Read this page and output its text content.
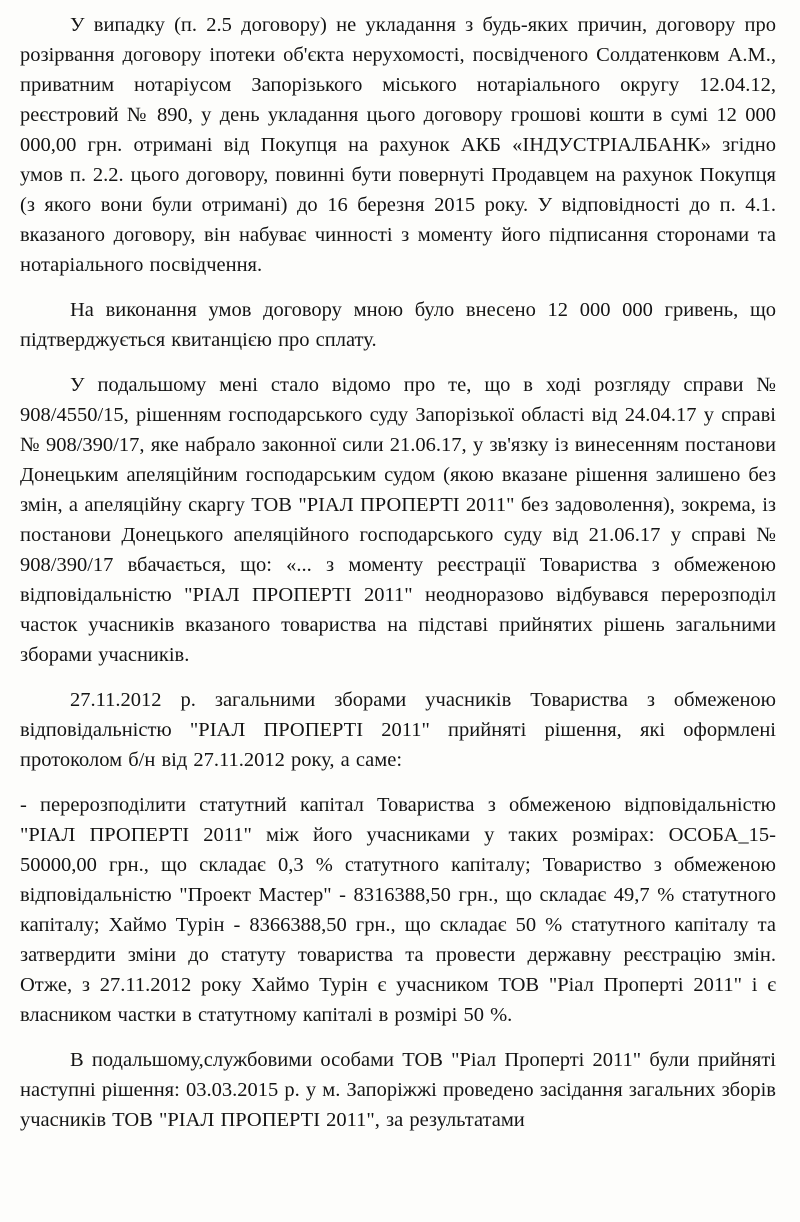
У випадку (п. 2.5 договору) не укладання з будь-яких причин, договору про розірвання договору іпотеки об'єкта нерухомості, посвідченого Солдатенковм А.М., приватним нотаріусом Запорізького міського нотаріального округу 12.04.12, реєстровий № 890, у день укладання цього договору грошові кошти в сумі 12 000 000,00 грн. отримані від Покупця на рахунок АКБ «ІНДУСТРІАЛБАНК» згідно умов п. 2.2. цього договору, повинні бути повернуті Продавцем на рахунок Покупця (з якого вони були отримані) до 16 березня 2015 року. У відповідності до п. 4.1. вказаного договору, він набуває чинності з моменту його підписання сторонами та нотаріального посвідчення.

На виконання умов договору мною було внесено 12 000 000 гривень, що підтверджується квитанцією про сплату.

У подальшому мені стало відомо про те, що в ході розгляду справи № 908/4550/15, рішенням господарського суду Запорізької області від 24.04.17 у справі № 908/390/17, яке набрало законної сили 21.06.17, у зв'язку із винесенням постанови Донецьким апеляційним господарським судом (якою вказане рішення залишено без змін, а апеляційну скаргу ТОВ "РІАЛ ПРОПЕРТІ 2011" без задоволення), зокрема, із постанови Донецького апеляційного господарського суду від 21.06.17 у справі № 908/390/17 вбачається, що: «... з моменту реєстрації Товариства з обмеженою відповідальністю "РІАЛ ПРОПЕРТІ 2011" неодноразово відбувався перерозподіл часток учасників вказаного товариства на підставі прийнятих рішень загальними зборами учасників.

27.11.2012 р. загальними зборами учасників Товариства з обмеженою відповідальністю "РІАЛ ПРОПЕРТІ 2011" прийняті рішення, які оформлені протоколом б/н від 27.11.2012 року, а саме:

- перерозподілити статутний капітал Товариства з обмеженою відповідальністю "РІАЛ ПРОПЕРТІ 2011" між його учасниками у таких розмірах: ОСОБА_15- 50000,00 грн., що складає 0,3 % статутного капіталу; Товариство з обмеженою відповідальністю "Проект Мастер" - 8316388,50 грн., що складає 49,7 % статутного капіталу; Хаймо Турін - 8366388,50 грн., що складає 50 % статутного капіталу та затвердити зміни до статуту товариства та провести державну реєстрацію змін. Отже, з 27.11.2012 року Хаймо Турін є учасником ТОВ "Ріал Проперті 2011" і є власником частки в статутному капіталі в розмірі 50 %.

В подальшому,службовими особами ТОВ "Ріал Проперті 2011" були прийняті наступні рішення: 03.03.2015 р. у м. Запоріжжі проведено засідання загальних зборів учасників ТОВ "РІАЛ ПРОПЕРТІ 2011", за результатами
